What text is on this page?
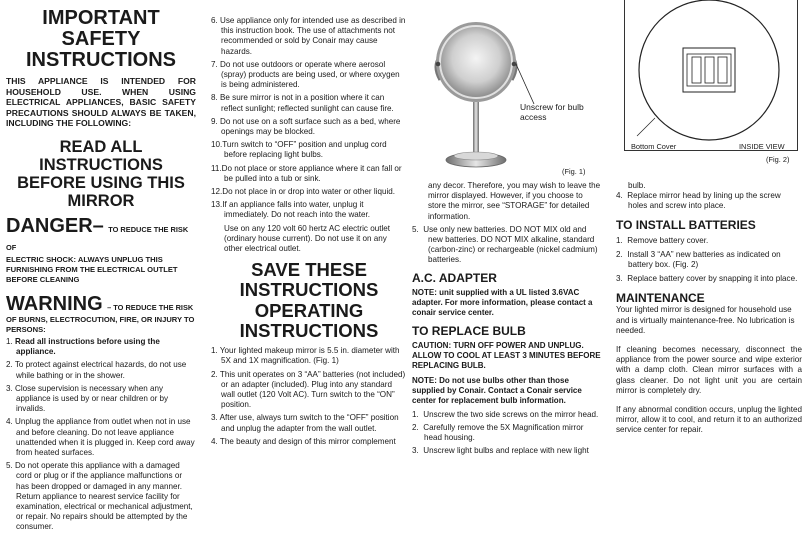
IMPORTANT SAFETY INSTRUCTIONS
THIS APPLIANCE IS INTENDED FOR HOUSEHOLD USE. WHEN USING ELECTRICAL APPLIANCES, BASIC SAFETY PRECAUTIONS SHOULD ALWAYS BE TAKEN, INCLUDING THE FOLLOWING:
READ ALL INSTRUCTIONS BEFORE USING THIS MIRROR
DANGER– TO REDUCE THE RISK OF
ELECTRIC SHOCK: ALWAYS UNPLUG THIS FURNISHING FROM THE ELECTRICAL OUTLET BEFORE CLEANING
WARNING – TO REDUCE THE RISK
OF BURNS, ELECTROCUTION, FIRE, OR INJURY TO PERSONS:

1. Read all instructions before using the appliance.

2. To protect against electrical hazards, do not use while bathing or in the shower.

3. Close supervision is necessary when any appliance is used by or near children or by invalids.

4. Unplug the appliance from outlet when not in use and before cleaning. Do not leave appliance unattended when it is plugged in. Keep cord away from heated surfaces.

5. Do not operate this appliance with a damaged cord or plug or if the appliance malfunctions or has been dropped or damaged in any manner. Return appliance to nearest service facility for examination, electrical or mechanical adjustment, or repair. No repairs should be attempted by the consumer.

6. Use appliance only for intended use as described in this instruction book. The use of attachments not recommended or sold by Conair may cause hazards.

7. Do not use outdoors or operate where aerosol (spray) products are being used, or where oxygen is being administered.

8. Be sure mirror is not in a position where it can reflect sunlight; reflected sunlight can cause fire.

9. Do not use on a soft surface such as a bed, where openings may be blocked.

10.Turn switch to “OFF” position and unplug cord before replacing light bulbs.

11.Do not place or store appliance where it can fall or be pulled into a tub or sink.

12.Do not place in or drop into water or other liquid.

13.If an appliance falls into water, unplug it immediately. Do not reach into the water.

Use on any 120 volt 60 hertz AC electric outlet (ordinary house current). Do not use it on any other electrical outlet.

SAVE THESE INSTRUCTIONS
OPERATING INSTRUCTIONS

1. Your lighted makeup mirror is 5.5 in. diameter with 5X and 1X magnification. (Fig. 1)

2. This unit operates on 3 “AA” batteries (not included) or an adapter (included). Plug into any standard wall outlet (120 Volt AC). Turn switch to the “ON” position.

3. After use, always turn switch to the “OFF” position and unplug the adapter from the wall outlet.

4. The beauty and design of this mirror complement

Unscrew for bulb access
(Fig. 1)

any decor. Therefore, you may wish to leave the mirror displayed. However, if you choose to store the mirror, see “STORAGE” for detailed information.

5. Use only new batteries. DO NOT MIX old and new batteries. DO NOT MIX alkaline, standard (carbon-zinc) or rechargeable (nickel cadmium) batteries.

A.C. ADAPTER

NOTE: unit supplied with a UL listed 3.6VAC adapter. For more information, please contact a conair service center.

TO REPLACE BULB

CAUTION: TURN OFF POWER AND UNPLUG. ALLOW TO COOL AT LEAST 3 MINUTES BEFORE REPLACING BULB.

NOTE: Do not use bulbs other than those supplied by Conair. Contact a Conair service center for replacement bulb information.

1. Unscrew the two side screws on the mirror head.

2. Carefully remove the 5X Magnification mirror head housing.

3. Unscrew light bulbs and replace with new light

Bottom Cover	INSIDE VIEW
(Fig. 2)

bulb.

4. Replace mirror head by lining up the screw holes and screw into place.

TO INSTALL BATTERIES

1. Remove battery cover.

2. Install 3 “AA” new batteries as indicated on battery box. (Fig. 2)

3. Replace battery cover by snapping it into place.

MAINTENANCE

Your lighted mirror is designed for household use and is virtually maintenance-free. No lubrication is needed.

If cleaning becomes necessary, disconnect the appliance from the power source and wipe exterior with a damp cloth. Clean mirror surfaces with a glass cleaner. Do not light unit you are certain mirror is completely dry.

If any abnormal condition occurs, unplug the lighted mirror, allow it to cool, and return it to an authorized service center for repair.
